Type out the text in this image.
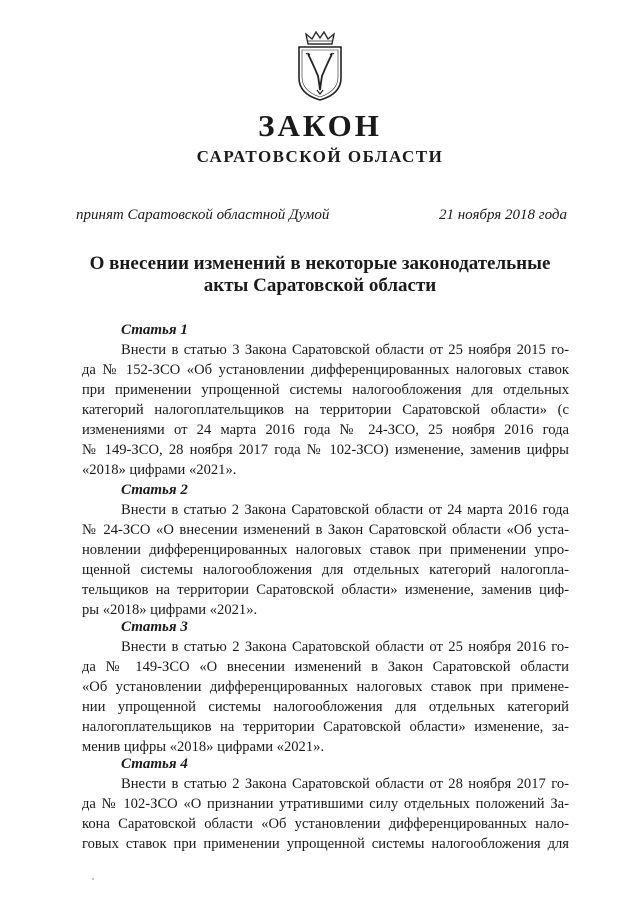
ЗАКОН
САРАТОВСКОЙ ОБЛАСТИ
принят Саратовской областной Думой	21 ноября 2018 года
О внесении изменений в некоторые законодательные
акты Саратовской области
Статья 1
Внести в статью 3 Закона Саратовской области от 25 ноября 2015 го-
да № 152-ЗСО «Об установлении дифференцированных налоговых ставок
при применении упрощенной системы налогообложения для отдельных
категорий налогоплательщиков на территории Саратовской области» (с
изменениями от 24 марта 2016 года № 24-ЗСО, 25 ноября 2016 года
№ 149-ЗСО, 28 ноября 2017 года № 102-ЗСО) изменение, заменив цифры
«2018» цифрами «2021».
Статья 2
Внести в статью 2 Закона Саратовской области от 24 марта 2016 года
№ 24-ЗСО «О внесении изменений в Закон Саратовской области «Об уста-
новлении дифференцированных налоговых ставок при применении упро-
щенной системы налогообложения для отдельных категорий налогопла-
тельщиков на территории Саратовской области» изменение, заменив циф-
ры «2018» цифрами «2021».
Статья 3
Внести в статью 2 Закона Саратовской области от 25 ноября 2016 го-
да № 149-ЗСО «О внесении изменений в Закон Саратовской области
«Об установлении дифференцированных налоговых ставок при примене-
нии упрощенной системы налогообложения для отдельных категорий
налогоплательщиков на территории Саратовской области» изменение, за-
менив цифры «2018» цифрами «2021».
Статья 4
Внести в статью 2 Закона Саратовской области от 28 ноября 2017 го-
да № 102-ЗСО «О признании утратившими силу отдельных положений За-
кона Саратовской области «Об установлении дифференцированных нало-
говых ставок при применении упрощенной системы налогообложения для
